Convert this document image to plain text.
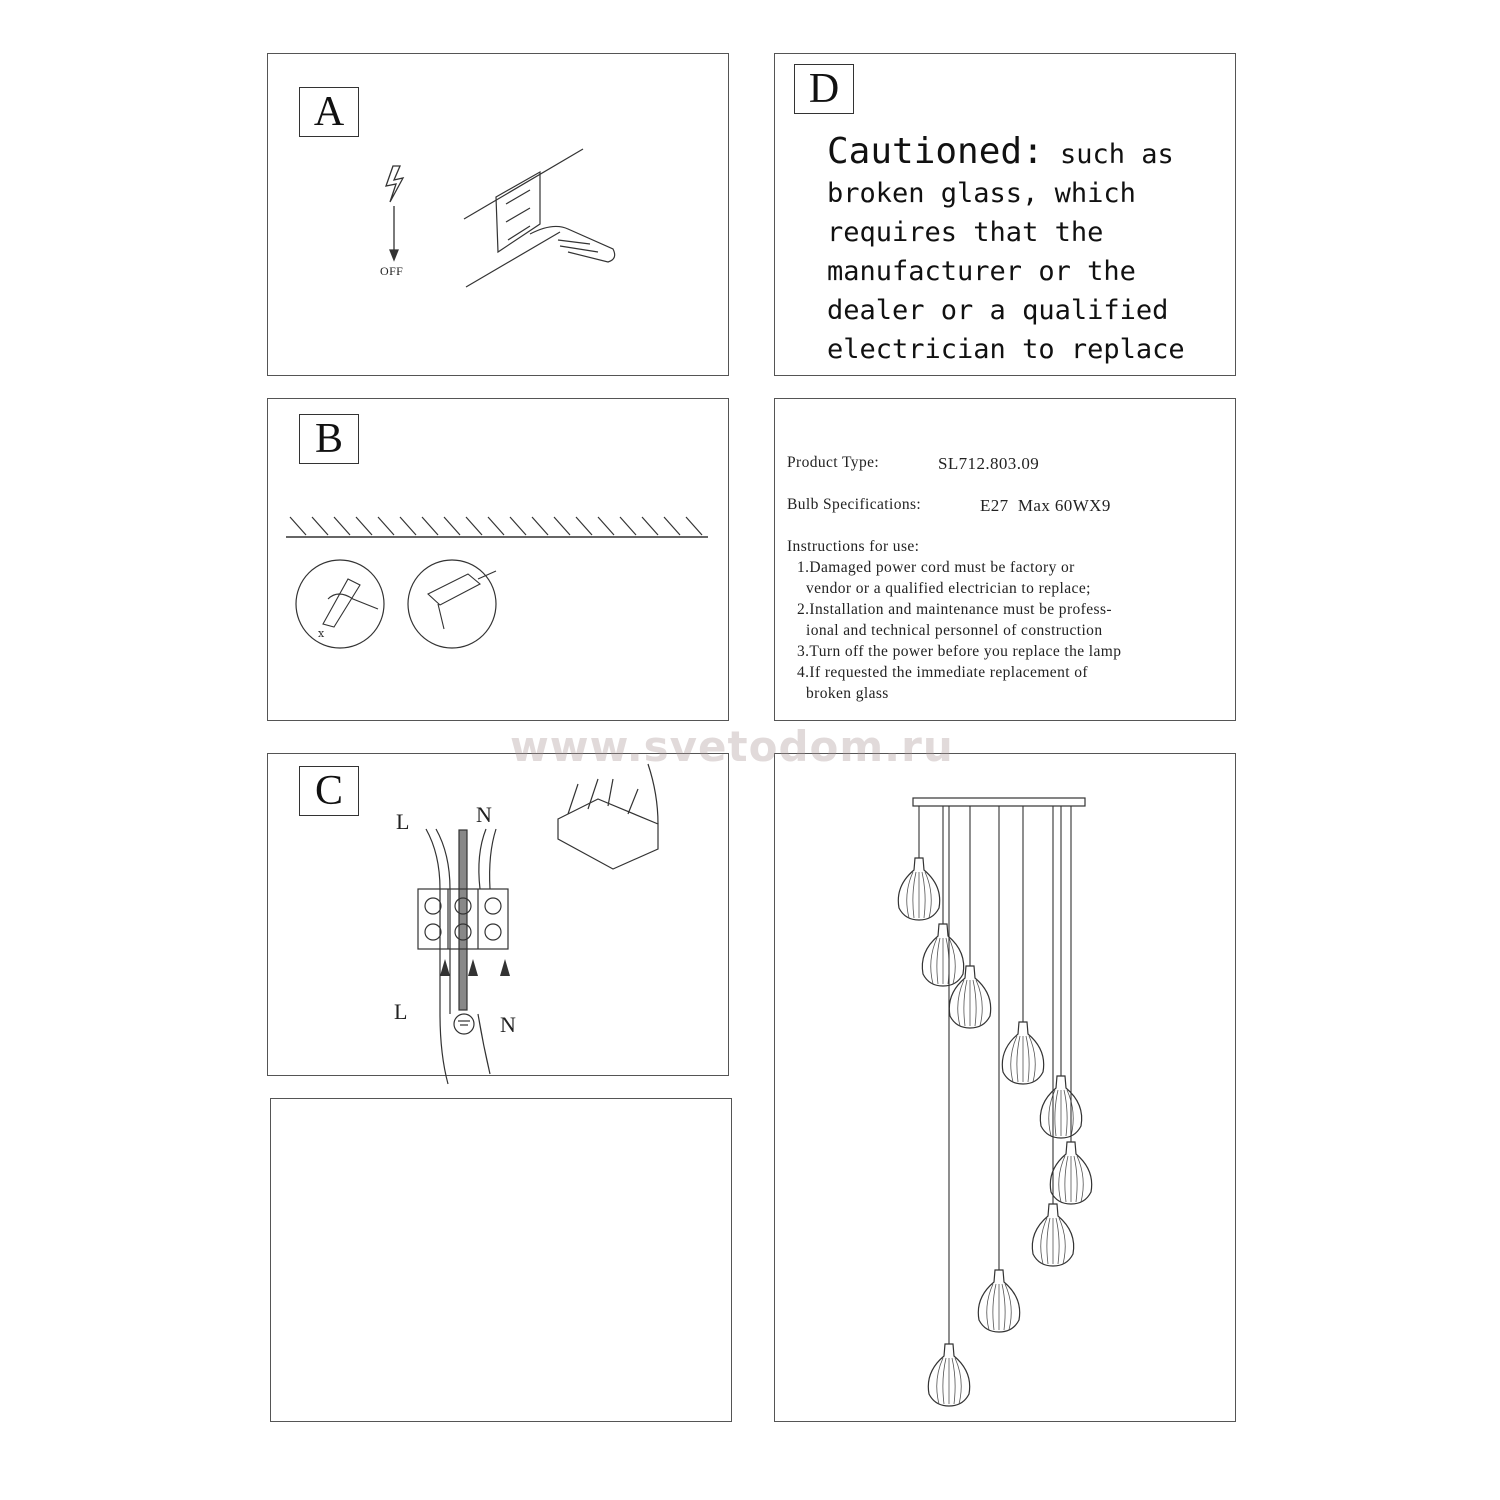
A
OFF
D
Cautioned: such as
broken glass, which
requires that the
manufacturer or the
dealer or a qualified
electrician to replace
B
x
Product Type:	SL712.803.09
Bulb Specifications:	E27  Max 60WX9
Instructions for use:
1.Damaged power cord must be factory or
vendor or a qualified electrician to replace;
2.Installation and maintenance must be profess-
ional and technical personnel of construction
3.Turn off the power before you replace the lamp
4.If requested the immediate replacement of
broken glass
C
L	N
L
N
www.svetodom.ru
